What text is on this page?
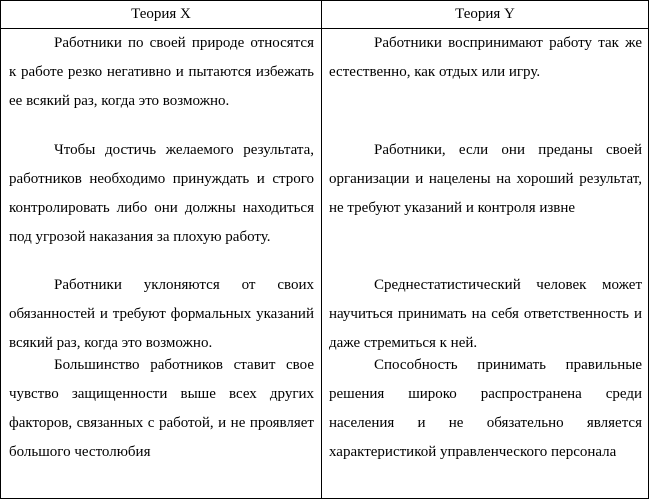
Теория X	Теория Y

Работники по своей природе относятся к работе резко негативно и пытаются избежать ее всякий раз, когда это возможно.

Чтобы достичь желаемого результата, работников необходимо принуждать и строго контролировать либо они должны находиться под угрозой наказания за плохую работу.

Работники уклоняются от своих обязанностей и требуют формальных указаний всякий раз, когда это возможно.

Большинство работников ставит свое чувство защищенности выше всех других факторов, связанных с работой, и не проявляет большого честолюбия

Работники воспринимают работу так же естественно, как отдых или игру.

Работники, если они преданы своей организации и нацелены на хороший результат, не требуют указаний и контроля извне

Среднестатистический человек может научиться принимать на себя ответственность и даже стремиться к ней.

Способность принимать правильные решения широко распространена среди населения и не обязательно является характеристикой управленческого персонала
